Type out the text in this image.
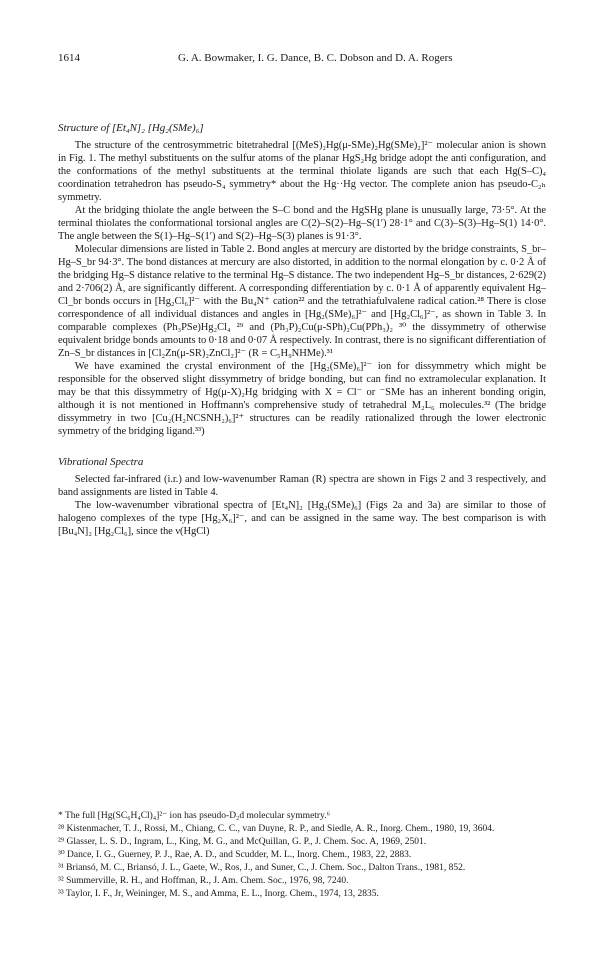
1614	G. A. Bowmaker, I. G. Dance, B. C. Dobson and D. A. Rogers
Structure of [Et₄N]₂ [Hg₂(SMe)₆]

The structure of the centrosymmetric bitetrahedral [(MeS)₂Hg(μ-SMe)₂Hg(SMe)₂]²⁻ molecular anion is shown in Fig. 1. The methyl substituents on the sulfur atoms of the planar HgS₂Hg bridge adopt the anti configuration, and the conformations of the methyl substituents at the terminal thiolate ligands are such that each Hg(S–C)₄ coordination tetrahedron has pseudo-S₄ symmetry* about the Hg··Hg vector. The complete anion has pseudo-C₂ₕ symmetry.

At the bridging thiolate the angle between the S–C bond and the HgSHg plane is unusually large, 73·5°. At the terminal thiolates the conformational torsional angles are C(2)–S(2)–Hg–S(1′) 28·1° and C(3)–S(3)–Hg–S(1) 14·0°. The angle between the S(1)–Hg–S(1′) and S(2)–Hg–S(3) planes is 91·3°.

Molecular dimensions are listed in Table 2. Bond angles at mercury are distorted by the bridge constraints, S_br–Hg–S_br 94·3°. The bond distances at mercury are also distorted, in addition to the normal elongation by c. 0·2 Å of the bridging Hg–S distance relative to the terminal Hg–S distance. The two independent Hg–S_br distances, 2·629(2) and 2·706(2) Å, are significantly different. A corresponding differentiation by c. 0·1 Å of apparently equivalent Hg–Cl_br bonds occurs in [Hg₂Cl₆]²⁻ with the Bu₄N⁺ cation²² and the tetrathiafulvalene radical cation.²⁸ There is close correspondence of all individual distances and angles in [Hg₂(SMe)₆]²⁻ and [Hg₂Cl₆]²⁻, as shown in Table 3. In comparable complexes (Ph₃PSe)Hg₂Cl₄ ²⁹ and (Ph₃P)₂Cu(μ-SPh)₂Cu(PPh₃)₂ ³⁰ the dissymmetry of otherwise equivalent bridge bonds amounts to 0·18 and 0·07 Å respectively. In contrast, there is no significant differentiation of Zn–S_br distances in [Cl₂Zn(μ-SR)₂ZnCl₂]²⁻ (R = C₅H₉NHMe).³¹

We have examined the crystal environment of the [Hg₂(SMe)₆]²⁻ ion for dissymmetry which might be responsible for the observed slight dissymmetry of bridge bonding, but can find no extramolecular explanation. It may be that this dissymmetry of Hg(μ-X)₂Hg bridging with X = Cl⁻ or ⁻SMe has an inherent bonding origin, although it is not mentioned in Hoffmann's comprehensive study of tetrahedral M₂L₆ molecules.³² (The bridge dissymmetry in two [Cu₂(H₂NCSNH₂)₆]²⁺ structures can be readily rationalized through the lower electronic symmetry of the bridging ligand.³³)

Vibrational Spectra

Selected far-infrared (i.r.) and low-wavenumber Raman (R) spectra are shown in Figs 2 and 3 respectively, and band assignments are listed in Table 4.

The low-wavenumber vibrational spectra of [Et₄N]₂ [Hg₂(SMe)₆] (Figs 2a and 3a) are similar to those of halogeno complexes of the type [Hg₂X₆]²⁻, and can be assigned in the same way. The best comparison is with [Bu₄N]₂ [Hg₂Cl₆], since the ν(HgCl)

* The full [Hg(SC₆H₄Cl)₄]²⁻ ion has pseudo-D₂d molecular symmetry.⁶

²⁸ Kistenmacher, T. J., Rossi, M., Chiang, C. C., van Duyne, R. P., and Siedle, A. R., Inorg. Chem., 1980, 19, 3604.

²⁹ Glasser, L. S. D., Ingram, L., King, M. G., and McQuillan, G. P., J. Chem. Soc. A, 1969, 2501.

³⁰ Dance, I. G., Guerney, P. J., Rae, A. D., and Scudder, M. L., Inorg. Chem., 1983, 22, 2883.

³¹ Briansó, M. C., Briansó, J. L., Gaete, W., Ros, J., and Suner, C., J. Chem. Soc., Dalton Trans., 1981, 852.

³² Summerville, R. H., and Hoffman, R., J. Am. Chem. Soc., 1976, 98, 7240.

³³ Taylor, I. F., Jr, Weininger, M. S., and Amma, E. L., Inorg. Chem., 1974, 13, 2835.
